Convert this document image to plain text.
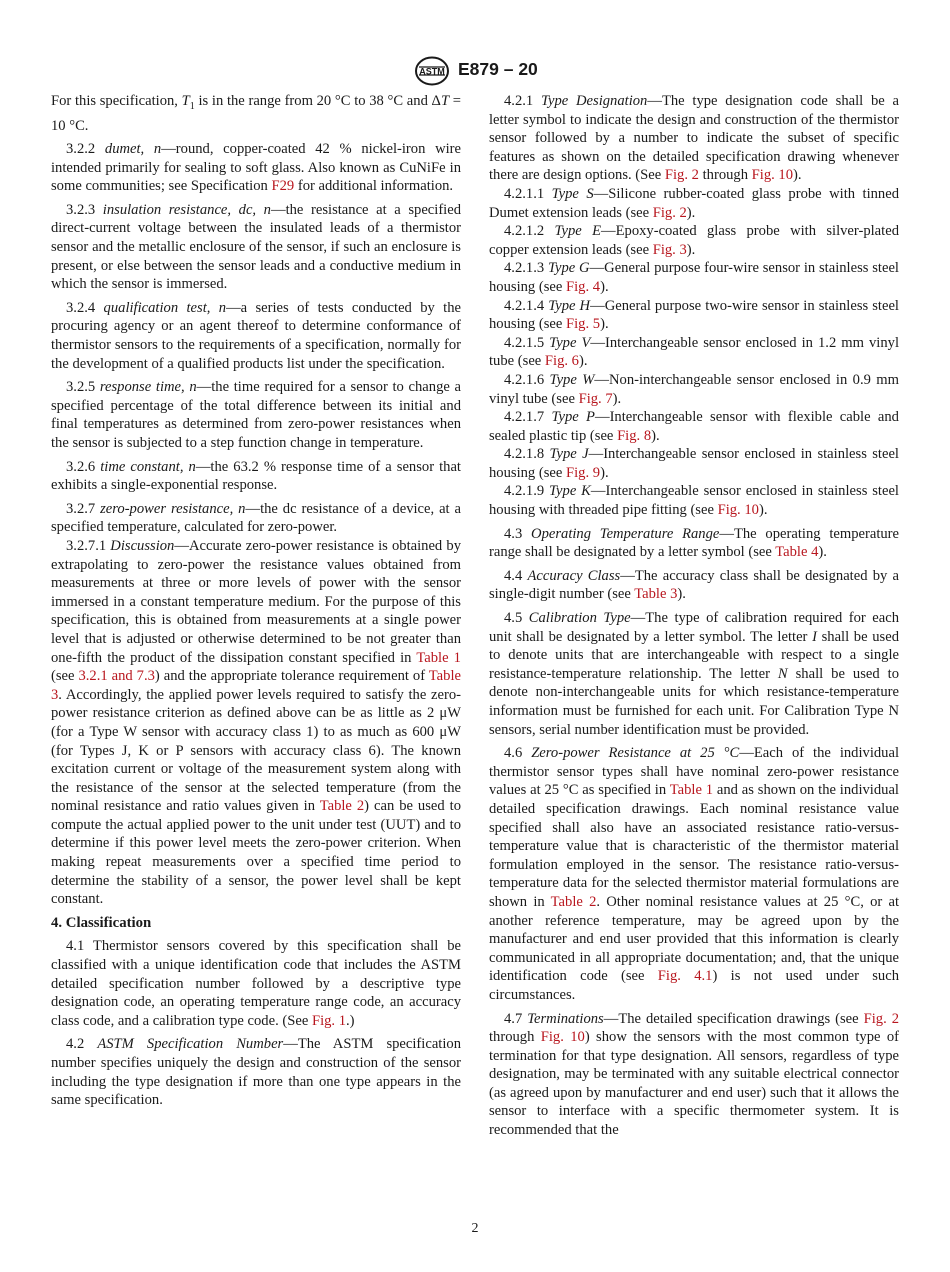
ASTM E879 – 20

For this specification, $T_1$ is in the range from 20 °C to 38 °C and ΔT = 10 °C.

3.2.2 dumet, n—round, copper-coated 42 % nickel-iron wire intended primarily for sealing to soft glass. Also known as CuNiFe in some communities; see Specification F29 for additional information.

3.2.3 insulation resistance, dc, n—the resistance at a specified direct-current voltage between the insulated leads of a thermistor sensor and the metallic enclosure of the sensor, if such an enclosure is present, or else between the sensor leads and a conductive medium in which the sensor is immersed.

3.2.4 qualification test, n—a series of tests conducted by the procuring agency or an agent thereof to determine conformance of thermistor sensors to the requirements of a specification, normally for the development of a qualified products list under the specification.

3.2.5 response time, n—the time required for a sensor to change a specified percentage of the total difference between its initial and final temperatures as determined from zero-power resistances when the sensor is subjected to a step function change in temperature.

3.2.6 time constant, n—the 63.2 % response time of a sensor that exhibits a single-exponential response.

3.2.7 zero-power resistance, n—the dc resistance of a device, at a specified temperature, calculated for zero-power.

3.2.7.1 Discussion—Accurate zero-power resistance is obtained by extrapolating to zero-power the resistance values obtained from measurements at three or more levels of power with the sensor immersed in a constant temperature medium. For the purpose of this specification, this is obtained from measurements at a single power level that is adjusted or otherwise determined to be not greater than one-fifth the product of the dissipation constant specified in Table 1 (see 3.2.1 and 7.3) and the appropriate tolerance requirement of Table 3. Accordingly, the applied power levels required to satisfy the zero-power resistance criterion as defined above can be as little as 2 μW (for a Type W sensor with accuracy class 1) to as much as 600 μW (for Types J, K or P sensors with accuracy class 6). The known excitation current or voltage of the measurement system along with the resistance of the sensor at the selected temperature (from the nominal resistance and ratio values given in Table 2) can be used to compute the actual applied power to the unit under test (UUT) and to determine if this power level meets the zero-power criterion. When making repeat measurements over a specified time period to determine the stability of a sensor, the power level shall be kept constant.

4. Classification

4.1 Thermistor sensors covered by this specification shall be classified with a unique identification code that includes the ASTM detailed specification number followed by a descriptive type designation code, an operating temperature range code, an accuracy class code, and a calibration type code. (See Fig. 1.)

4.2 ASTM Specification Number—The ASTM specification number specifies uniquely the design and construction of the sensor including the type designation if more than one type appears in the same specification.

4.2.1 Type Designation—The type designation code shall be a letter symbol to indicate the design and construction of the thermistor sensor followed by a number to indicate the subset of specific features as shown on the detailed specification drawing whenever there are design options. (See Fig. 2 through Fig. 10).

4.2.1.1 Type S—Silicone rubber-coated glass probe with tinned Dumet extension leads (see Fig. 2).

4.2.1.2 Type E—Epoxy-coated glass probe with silver-plated copper extension leads (see Fig. 3).

4.2.1.3 Type G—General purpose four-wire sensor in stainless steel housing (see Fig. 4).

4.2.1.4 Type H—General purpose two-wire sensor in stainless steel housing (see Fig. 5).

4.2.1.5 Type V—Interchangeable sensor enclosed in 1.2 mm vinyl tube (see Fig. 6).

4.2.1.6 Type W—Non-interchangeable sensor enclosed in 0.9 mm vinyl tube (see Fig. 7).

4.2.1.7 Type P—Interchangeable sensor with flexible cable and sealed plastic tip (see Fig. 8).

4.2.1.8 Type J—Interchangeable sensor enclosed in stainless steel housing (see Fig. 9).

4.2.1.9 Type K—Interchangeable sensor enclosed in stainless steel housing with threaded pipe fitting (see Fig. 10).

4.3 Operating Temperature Range—The operating temperature range shall be designated by a letter symbol (see Table 4).

4.4 Accuracy Class—The accuracy class shall be designated by a single-digit number (see Table 3).

4.5 Calibration Type—The type of calibration required for each unit shall be designated by a letter symbol. The letter I shall be used to denote units that are interchangeable with respect to a single resistance-temperature relationship. The letter N shall be used to denote non-interchangeable units for which resistance-temperature information must be furnished for each unit. For Calibration Type N sensors, serial number identification must be provided.

4.6 Zero-power Resistance at 25 °C—Each of the individual thermistor sensor types shall have nominal zero-power resistance values at 25 °C as specified in Table 1 and as shown on the individual detailed specification drawings. Each nominal resistance value specified shall also have an associated resistance ratio-versus-temperature value that is characteristic of the thermistor material formulation employed in the sensor. The resistance ratio-versus-temperature data for the selected thermistor material formulations are shown in Table 2. Other nominal resistance values at 25 °C, or at another reference temperature, may be agreed upon by the manufacturer and end user provided that this information is clearly communicated in all appropriate documentation; and, that the unique identification code (see Fig. 4.1) is not used under such circumstances.

4.7 Terminations—The detailed specification drawings (see Fig. 2 through Fig. 10) show the sensors with the most common type of termination for that type designation. All sensors, regardless of type designation, may be terminated with any suitable electrical connector (as agreed upon by manufacturer and end user) such that it allows the sensor to interface with a specific thermometer system. It is recommended that the

2
